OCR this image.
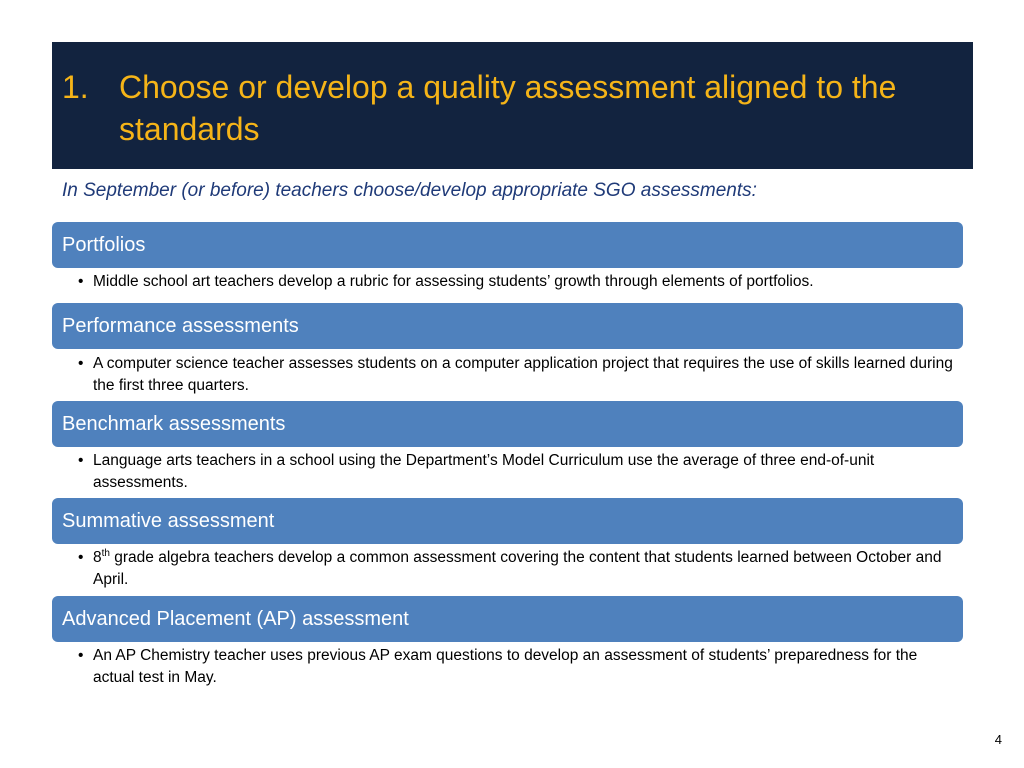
1. Choose or develop a quality assessment aligned to the standards
In September (or before) teachers choose/develop appropriate SGO assessments:
Portfolios
• Middle school art teachers develop a rubric for assessing students’ growth through elements of portfolios.
Performance assessments
• A computer science teacher assesses students on a computer application project that requires the use of skills learned during the first three quarters.
Benchmark assessments
• Language arts teachers in a school using the Department’s Model Curriculum use the average of three end-of-unit assessments.
Summative assessment
• 8th grade algebra teachers develop a common assessment covering the content that students learned between October and April.
Advanced Placement (AP) assessment
• An AP Chemistry teacher uses previous AP exam questions to develop an assessment of students’ preparedness for the actual test in May.
4
